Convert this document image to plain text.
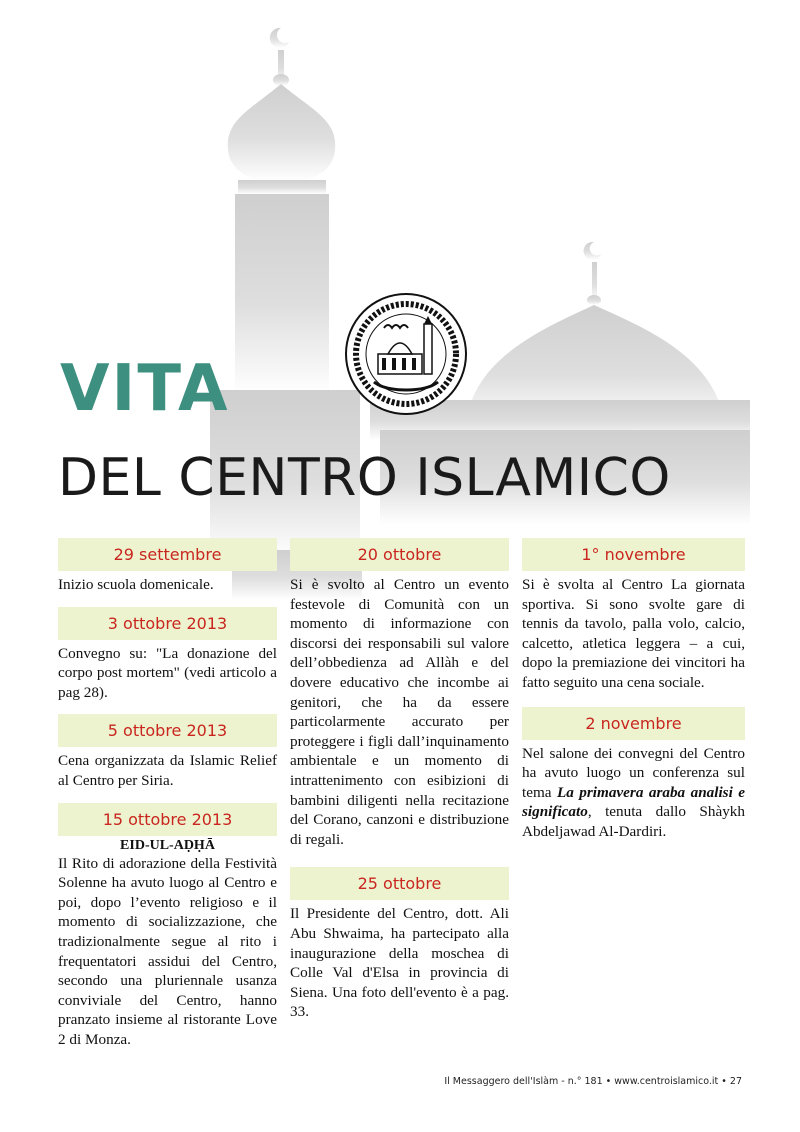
VITA
DEL CENTRO ISLAMICO
29 settembre

Inizio scuola domenicale.

3 ottobre 2013

Convegno su: "La donazione del corpo post mortem" (vedi articolo a pag 28).

5 ottobre 2013

Cena organizzata da Islamic Relief al Centro per Siria.

15 ottobre 2013

EID-UL-AḌḤĀ

Il Rito di adorazione della Festività Solenne ha avuto luogo al Centro e poi, dopo l’evento religioso e il momento di socializzazione, che tradizionalmente segue al rito i frequentatori assidui del Centro, secondo una pluriennale usanza conviviale del Centro, hanno pranzato insieme al ristorante Love 2 di Monza.

20 ottobre

Si è svolto al Centro un evento festevole di Comunità con un momento di informazione con discorsi dei responsabili sul valore dell’obbedienza ad Allàh e del dovere educativo che incombe ai genitori, che ha da essere particolarmente accurato per proteggere i figli dall’inquinamento ambientale e un momento di intrattenimento con esibizioni di bambini diligenti nella recitazione del Corano, canzoni e distribuzione di regali.

25 ottobre

Il Presidente del Centro, dott. Ali Abu Shwaima, ha partecipato alla inaugurazione della moschea di Colle Val d'Elsa in provincia di Siena. Una foto dell'evento è a pag. 33.

1° novembre

Si è svolta al Centro La giornata sportiva. Si sono svolte gare di tennis da tavolo, palla volo, calcio, calcetto, atletica leggera – a cui, dopo la premiazione dei vincitori ha fatto seguito una cena sociale.

2 novembre

Nel salone dei convegni del Centro ha avuto luogo un conferenza sul tema La primavera araba analisi e significato, tenuta dallo Shàykh Abdeljawad Al-Dardiri.

Il Messaggero dell'Islàm - n.° 181 • www.centroislamico.it • 27
